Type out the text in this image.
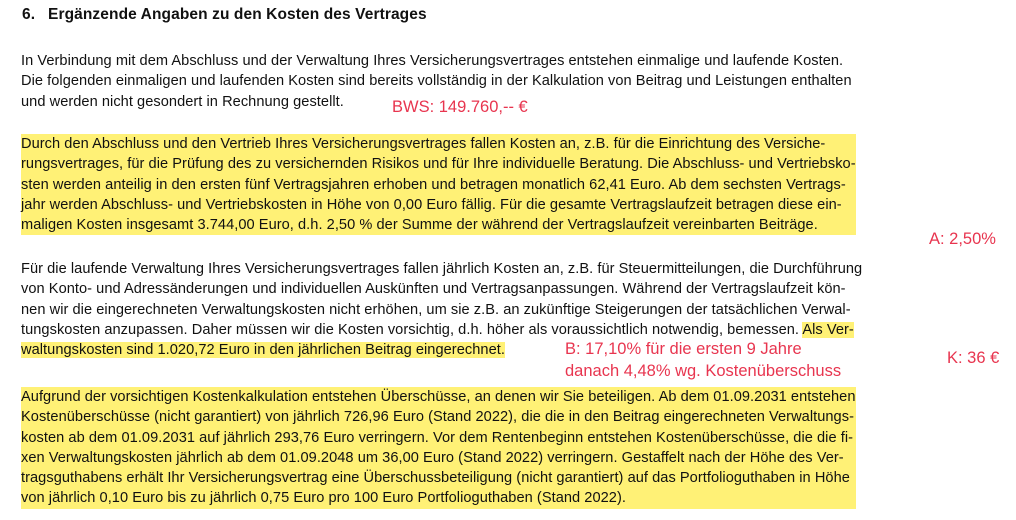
6. Ergänzende Angaben zu den Kosten des Vertrages
In Verbindung mit dem Abschluss und der Verwaltung Ihres Versicherungsvertrages entstehen einmalige und laufende Kosten.
Die folgenden einmaligen und laufenden Kosten sind bereits vollständig in der Kalkulation von Beitrag und Leistungen enthalten
und werden nicht gesondert in Rechnung gestellt.
Durch den Abschluss und den Vertrieb Ihres Versicherungsvertrages fallen Kosten an, z.B. für die Einrichtung des Versiche-
rungsvertrages, für die Prüfung des zu versichernden Risikos und für Ihre individuelle Beratung. Die Abschluss- und Vertriebsko-
sten werden anteilig in den ersten fünf Vertragsjahren erhoben und betragen monatlich 62,41 Euro. Ab dem sechsten Vertrags-
jahr werden Abschluss- und Vertriebskosten in Höhe von 0,00 Euro fällig. Für die gesamte Vertragslaufzeit betragen diese ein-
maligen Kosten insgesamt 3.744,00 Euro, d.h. 2,50 % der Summe der während der Vertragslaufzeit vereinbarten Beiträge.
Für die laufende Verwaltung Ihres Versicherungsvertrages fallen jährlich Kosten an, z.B. für Steuermitteilungen, die Durchführung
von Konto- und Adressänderungen und individuellen Auskünften und Vertragsanpassungen. Während der Vertragslaufzeit kön-
nen wir die eingerechneten Verwaltungskosten nicht erhöhen, um sie z.B. an zukünftige Steigerungen der tatsächlichen Verwal-
tungskosten anzupassen. Daher müssen wir die Kosten vorsichtig, d.h. höher als voraussichtlich notwendig, bemessen. Als Ver-
waltungskosten sind 1.020,72 Euro in den jährlichen Beitrag eingerechnet.
Aufgrund der vorsichtigen Kostenkalkulation entstehen Überschüsse, an denen wir Sie beteiligen. Ab dem 01.09.2031 entstehen
Kostenüberschüsse (nicht garantiert) von jährlich 726,96 Euro (Stand 2022), die die in den Beitrag eingerechneten Verwaltungs-
kosten ab dem 01.09.2031 auf jährlich 293,76 Euro verringern. Vor dem Rentenbeginn entstehen Kostenüberschüsse, die die fi-
xen Verwaltungskosten jährlich ab dem 01.09.2048 um 36,00 Euro (Stand 2022) verringern. Gestaffelt nach der Höhe des Ver-
tragsguthabens erhält Ihr Versicherungsvertrag eine Überschussbeteiligung (nicht garantiert) auf das Portfolioguthaben in Höhe
von jährlich 0,10 Euro bis zu jährlich 0,75 Euro pro 100 Euro Portfolioguthaben (Stand 2022).
BWS: 149.760,-- €
A: 2,50%
B: 17,10% für die ersten 9 Jahre
danach 4,48% wg. Kostenüberschuss
K: 36 €
